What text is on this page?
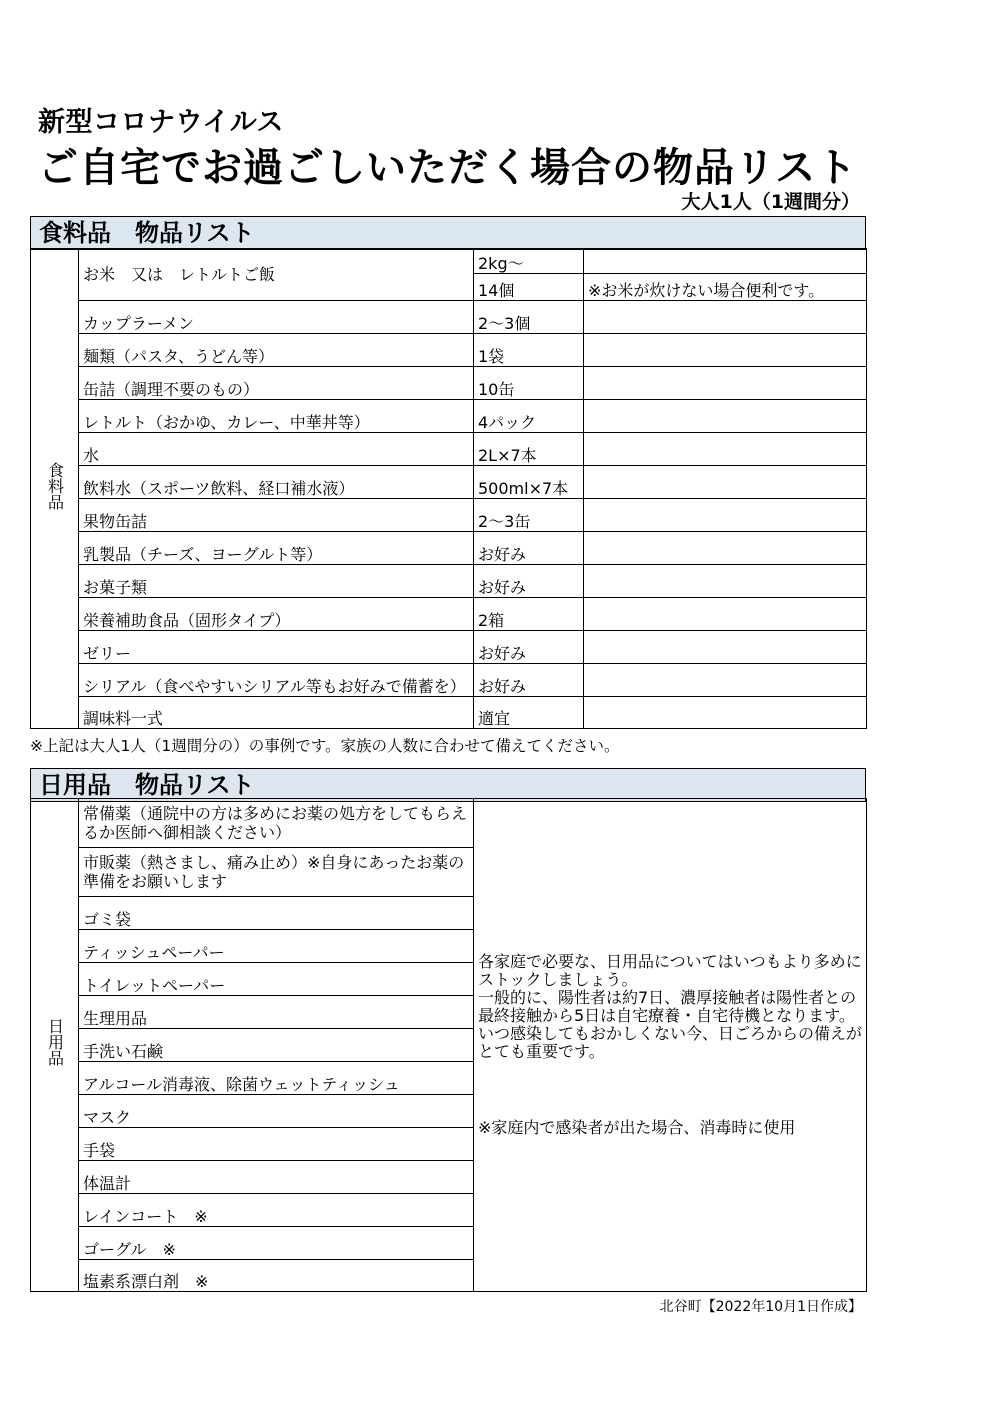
新型コロナウイルス
ご自宅でお過ごしいただく場合の物品リスト
大人1人（1週間分）
食料品　物品リスト
食料品	お米　又は　レトルトご飯	2kg～	
		14個	※お米が炊けない場合便利です。
	カップラーメン	2～3個	
	麺類（パスタ、うどん等）	1袋	
	缶詰（調理不要のもの）	10缶	
	レトルト（おかゆ、カレー、中華丼等）	4パック	
	水	2L×7本	
	飲料水（スポーツ飲料、経口補水液）	500ml×7本	
	果物缶詰	2～3缶	
	乳製品（チーズ、ヨーグルト等）	お好み	
	お菓子類	お好み	
	栄養補助食品（固形タイプ）	2箱	
	ゼリー	お好み	
	シリアル（食べやすいシリアル等もお好みで備蓄を）	お好み	
	調味料一式	適宜	
※上記は大人1人（1週間分の）の事例です。家族の人数に合わせて備えてください。
日用品　物品リスト
日用品	常備薬（通院中の方は多めにお薬の処方をしてもらえるか医師へ御相談ください）	
各家庭で必要な、日用品についてはいつもより多めにストックしましょう。
一般的に、陽性者は約7日、濃厚接触者は陽性者との最終接触から5日は自宅療養・自宅待機となります。いつ感染してもおかしくない今、日ごろからの備えがとても重要です。
※家庭内で感染者が出た場合、消毒時に使用

市販薬（熱さまし、痛み止め）※自身にあったお薬の準備をお願いします
ゴミ袋
ティッシュペーパー
トイレットペーパー
生理用品
手洗い石鹸
アルコール消毒液、除菌ウェットティッシュ
マスク
手袋
体温計
レインコート　※
ゴーグル　※
塩素系漂白剤　※
北谷町【2022年10月1日作成】
